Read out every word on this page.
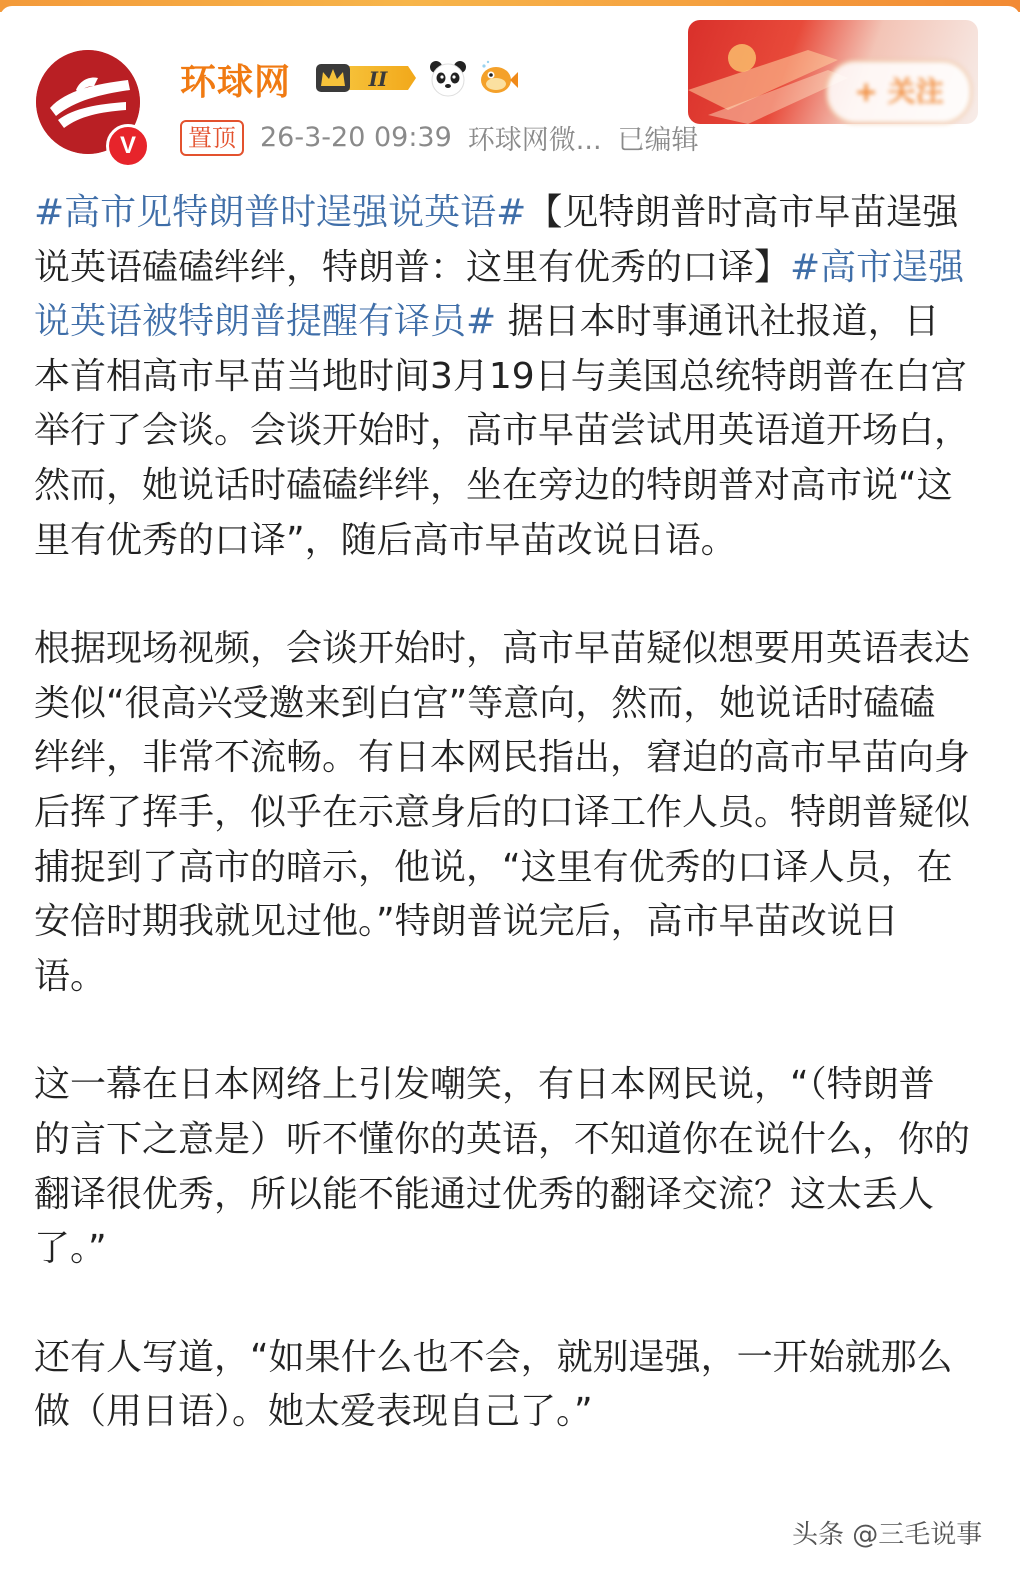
V
环球网	II
置顶 26-3-20 09:39 环球网微... 已编辑
+ 关注

#高市见特朗普时逞强说英语#【见特朗普时高市早苗逞强说英语磕磕绊绊，特朗普：这里有优秀的口译】#高市逞强说英语被特朗普提醒有译员# 据日本时事通讯社报道，日本首相高市早苗当地时间3月19日与美国总统特朗普在白宫举行了会谈。会谈开始时，高市早苗尝试用英语道开场白，然而，她说话时磕磕绊绊，坐在旁边的特朗普对高市说“这里有优秀的口译”，随后高市早苗改说日语。

根据现场视频，会谈开始时，高市早苗疑似想要用英语表达类似“很高兴受邀来到白宫”等意向，然而，她说话时磕磕绊绊，非常不流畅。有日本网民指出，窘迫的高市早苗向身后挥了挥手，似乎在示意身后的口译工作人员。特朗普疑似捕捉到了高市的暗示，他说，“这里有优秀的口译人员，在安倍时期我就见过他。”特朗普说完后，高市早苗改说日语。

这一幕在日本网络上引发嘲笑，有日本网民说，“（特朗普的言下之意是）听不懂你的英语，不知道你在说什么，你的翻译很优秀，所以能不能通过优秀的翻译交流？这太丢人了。”

还有人写道，“如果什么也不会，就别逞强，一开始就那么做（用日语）。她太爱表现自己了。”

头条 @三毛说事
